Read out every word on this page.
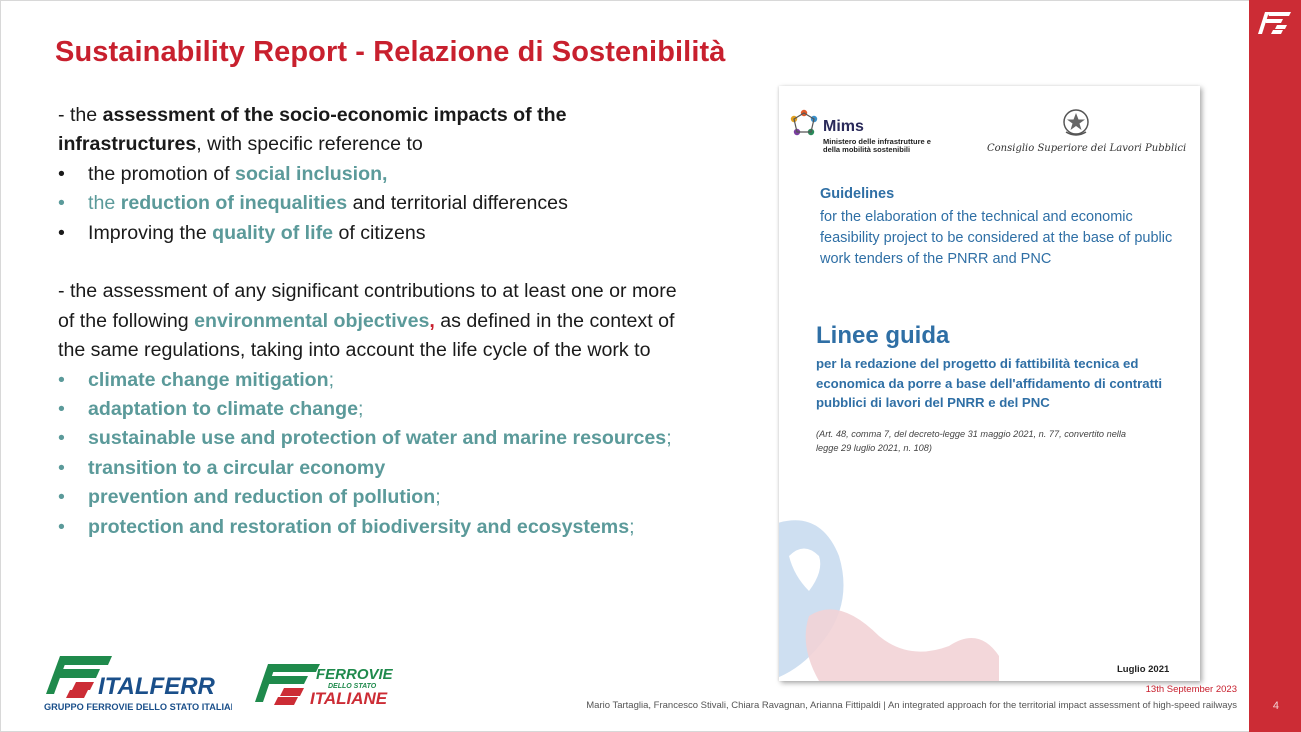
4
Sustainability Report - Relazione di Sostenibilità

- the assessment of the socio-economic impacts of the infrastructures, with specific reference to

• the promotion of social inclusion,
• the reduction of inequalities and territorial differences
• Improving the quality of life of citizens

- the assessment of any significant contributions to at least one or more of the following environmental objectives, as defined in the context of the same regulations, taking into account the life cycle of the work to

• climate change mitigation;
• adaptation to climate change;
• sustainable use and protection of water and marine resources;
• transition to a circular economy
• prevention and reduction of pollution;
• protection and restoration of biodiversity and ecosystems;
Mims
Ministero delle infrastrutture e della mobilità sostenibili	Consiglio Superiore dei Lavori Pubblici
Guidelines
for the elaboration of the technical and economic feasibility project to be considered at the base of public work tenders of the PNRR and PNC
Linee guida
per la redazione del progetto di fattibilità tecnica ed economica da porre a base dell'affidamento di contratti pubblici di lavori del PNRR e del PNC
(Art. 48, comma 7, del decreto-legge 31 maggio 2021, n. 77, convertito nella legge 29 luglio 2021, n. 108)
Luglio 2021
ITALFERR
GRUPPO FERROVIE DELLO STATO ITALIANE
FERROVIE
DELLO STATO
ITALIANE	13th September 2023
Mario Tartaglia, Francesco Stivali, Chiara Ravagnan, Arianna Fittipaldi | An integrated approach for the territorial impact assessment of high-speed railways
